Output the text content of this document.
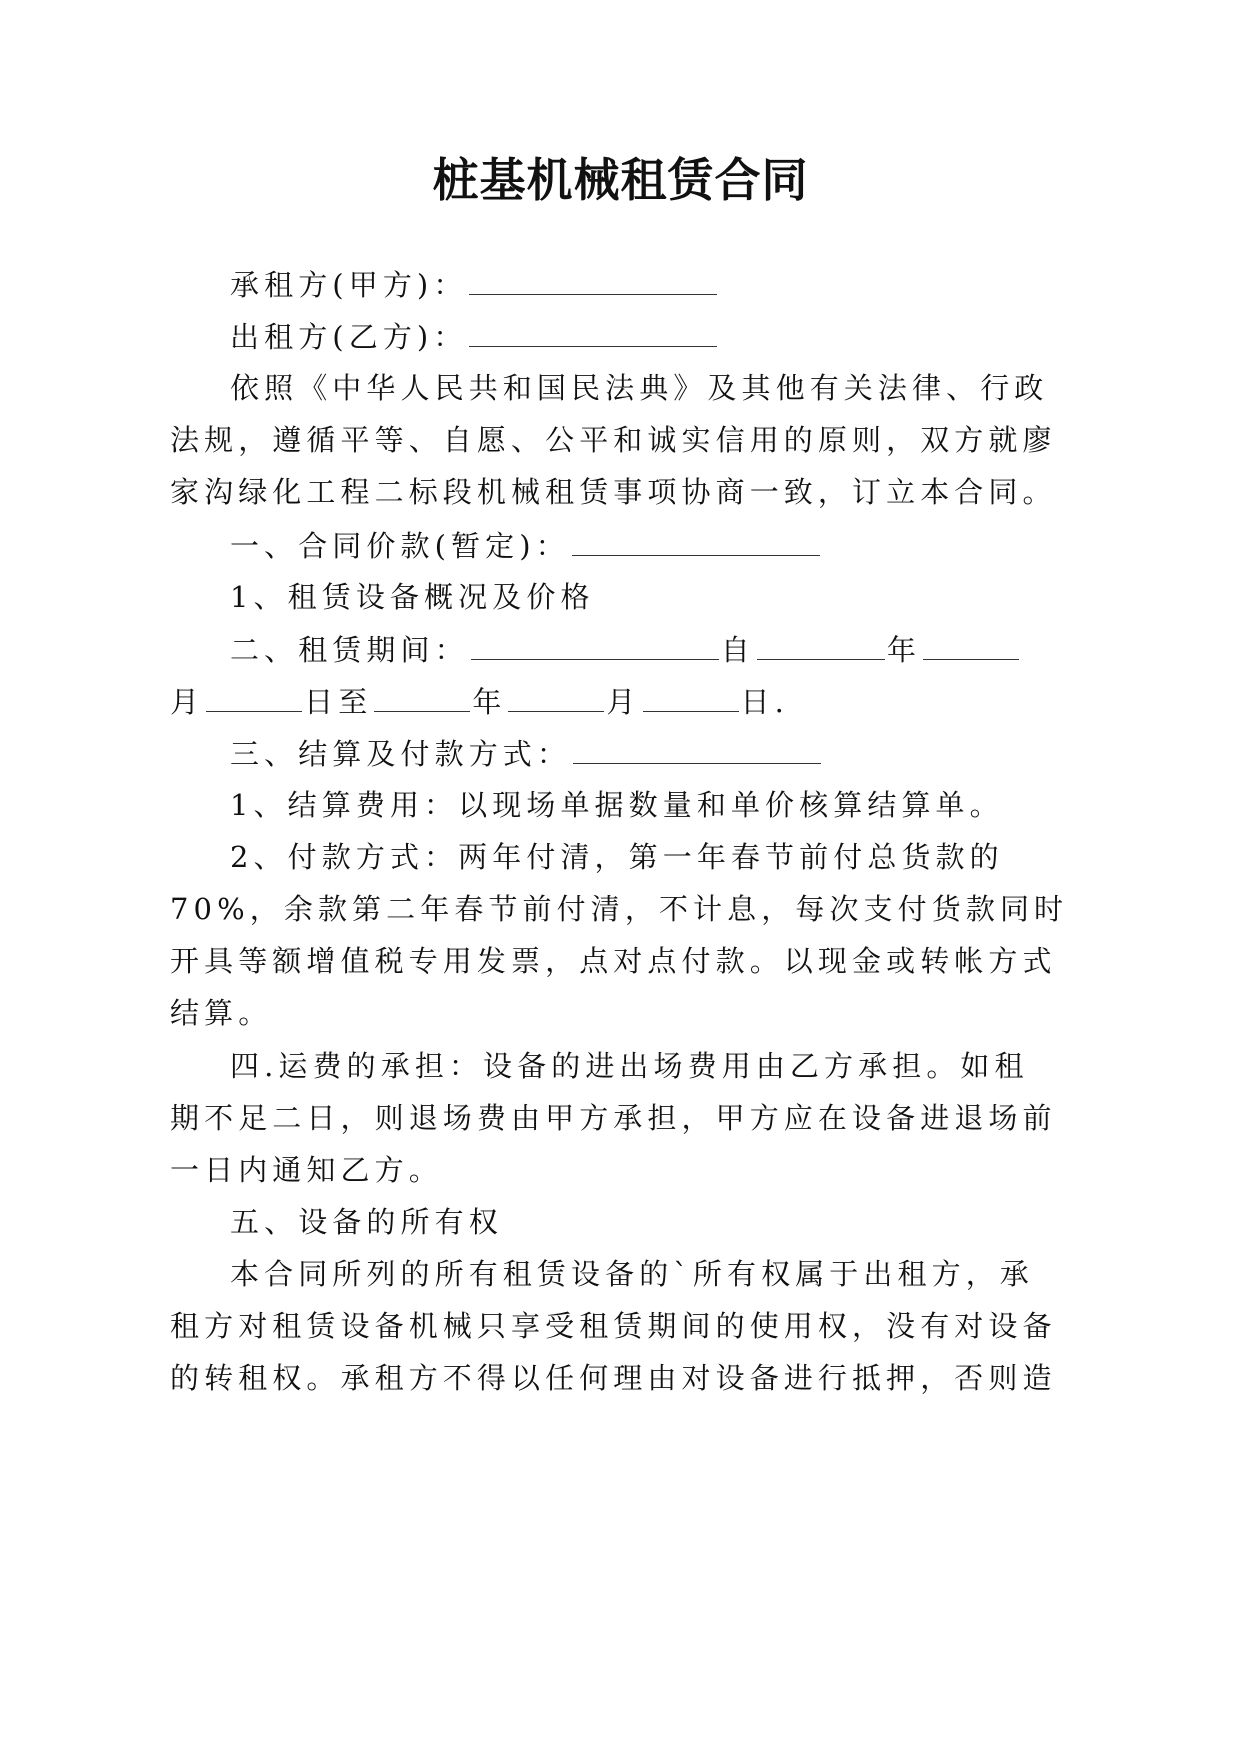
桩基机械租赁合同
承租方(甲方)：
出租方(乙方)：
依照《中华人民共和国民法典》及其他有关法律、行政
法规，遵循平等、自愿、公平和诚实信用的原则，双方就廖
家沟绿化工程二标段机械租赁事项协商一致，订立本合同。
一、合同价款(暂定)：
1、租赁设备概况及价格
二、租赁期间：	自	年
月	日至	年	月	日.
三、结算及付款方式：
1、结算费用：以现场单据数量和单价核算结算单。
2、付款方式：两年付清，第一年春节前付总货款的
70%，余款第二年春节前付清，不计息，每次支付货款同时
开具等额增值税专用发票，点对点付款。以现金或转帐方式
结算。
四.运费的承担：设备的进出场费用由乙方承担。如租
期不足二日，则退场费由甲方承担，甲方应在设备进退场前
一日内通知乙方。
五、设备的所有权
本合同所列的所有租赁设备的`所有权属于出租方，承
租方对租赁设备机械只享受租赁期间的使用权，没有对设备
的转租权。承租方不得以任何理由对设备进行抵押，否则造
